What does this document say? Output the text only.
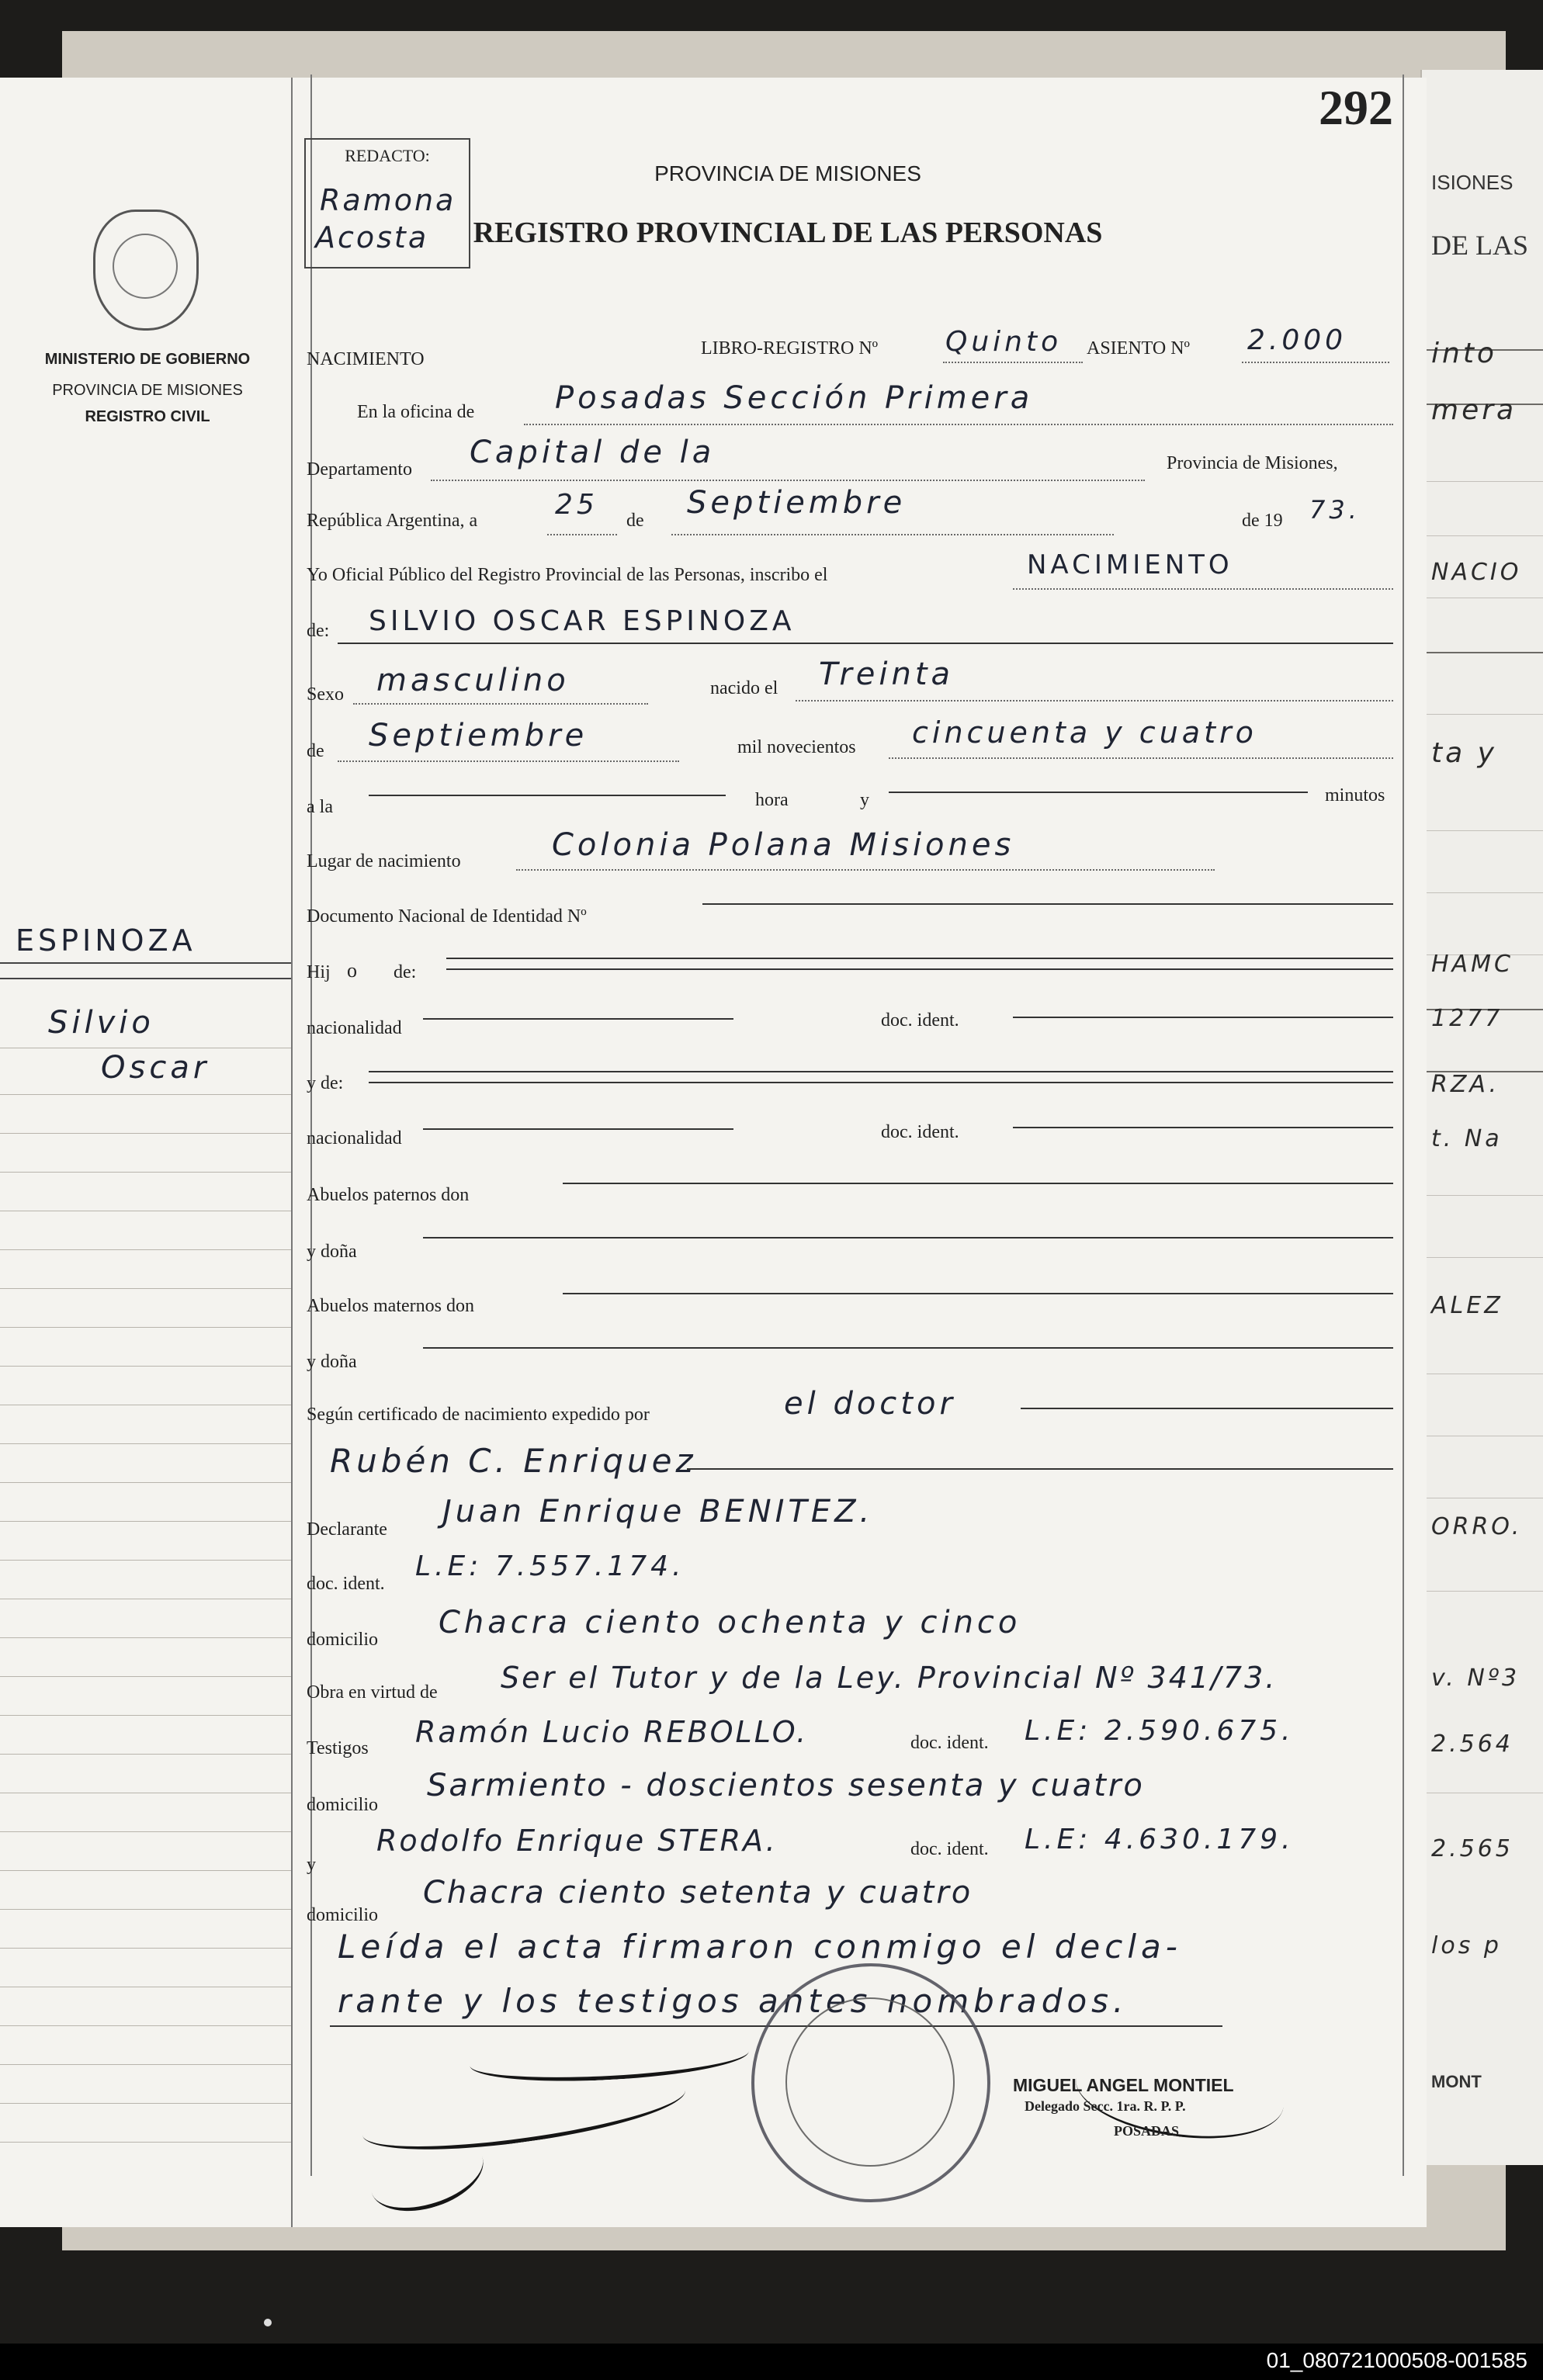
ISIONES
DE LAS
into
mera
NACIO
ta y
HAMC
1277
RZA.
t. Na
ALEZ
ORRO.
v. Nº3
2.564
2.565
los p
MONT
MINISTERIO DE GOBIERNO
PROVINCIA DE MISIONES
REGISTRO CIVIL
ESPINOZA
Silvio
Oscar
REDACTO:
Ramona
Acosta
292
PROVINCIA DE MISIONES
REGISTRO PROVINCIAL DE LAS PERSONAS
NACIMIENTO
LIBRO-REGISTRO Nº Quinto ASIENTO Nº 2.000
En la oficina de	Posadas Sección Primera
Departamento Capital de la	Provincia de Misiones,
República Argentina, a	25 de Septiembre	de 19 73.
Yo Oficial Público del Registro Provincial de las Personas, inscribo el	NACIMIENTO
de: SILVIO OSCAR ESPINOZA
Sexo masculino	nacido el Treinta
de Septiembre	mil novecientos cincuenta y cuatro
a la	hora	y	minutos
Lugar de nacimiento	Colonia Polana Misiones
Documento Nacional de Identidad Nº
Hij o de:
nacionalidad	doc. ident.
y de:
nacionalidad	doc. ident.
Abuelos paternos don
y doña
Abuelos maternos don
y doña
Según certificado de nacimiento expedido por	el doctor
Rubén C. Enriquez
Declarante Juan Enrique BENITEZ.
doc. ident.
L.E: 7.557.174.
domicilio Chacra ciento ochenta y cinco
Obra en virtud de Ser el Tutor y de la Ley. Provincial Nº 341/73.
Testigos Ramón Lucio REBOLLO.	doc. ident. L.E: 2.590.675.
domicilio
Sarmiento - doscientos sesenta y cuatro
y
Rodolfo Enrique STERA.	doc. ident. L.E: 4.630.179.
domicilio
Chacra ciento setenta y cuatro
Leída el acta firmaron conmigo el decla-
rante y los testigos antes nombrados.
MIGUEL ANGEL MONTIEL
Delegado Secc. 1ra. R. P. P.
POSADAS
01_080721000508-001585
